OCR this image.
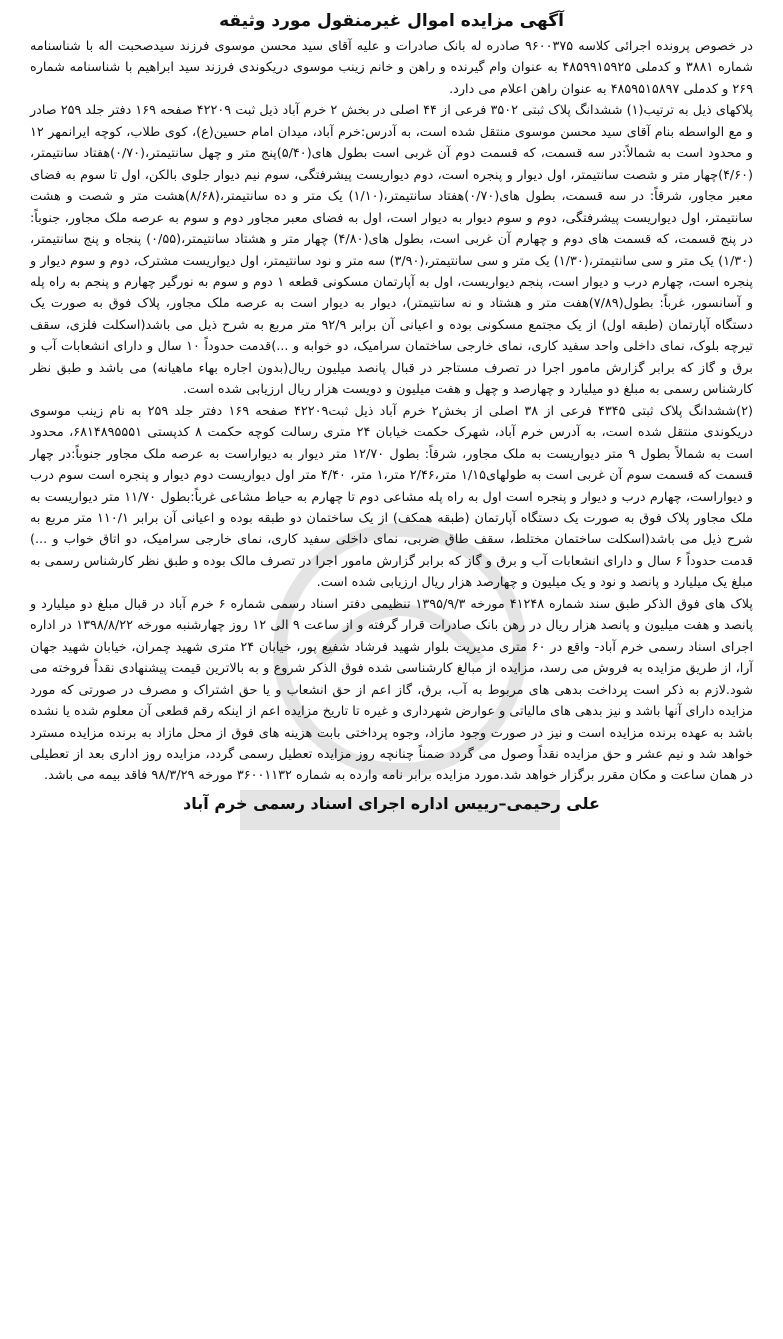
آگهی مزایده اموال غیرمنقول مورد وثیقه

در خصوص پرونده اجرائی کلاسه ۹۶۰۰۳۷۵ صادره له بانک صادرات و علیه آقای سید محسن موسوی فرزند سیدصحبت اله با شناسنامه شماره ۳۸۸۱ و کدملی ۴۸۵۹۹۱۵۹۲۵ به عنوان وام گیرنده و راهن و خانم زینب موسوی دریکوندی فرزند سید ابراهیم با شناسنامه شماره ۲۶۹ و کدملی ۴۸۵۹۵۱۵۸۹۷ به عنوان راهن اعلام می دارد.

پلاکهای ذیل به ترتیب(۱) ششدانگ پلاک ثبتی ۳۵۰۲ فرعی از ۴۴ اصلی در بخش ۲ خرم آباد ذیل ثبت ۴۲۲۰۹ صفحه ۱۶۹ دفتر جلد ۲۵۹ صادر و مع الواسطه بنام آقای سید محسن موسوی منتقل شده است، به آدرس:خرم آباد، میدان امام حسین(ع)، کوی طلاب، کوچه ایرانمهر ۱۲ و محدود است به شمالاً:در سه قسمت، که قسمت دوم آن غربی است بطول های(۵/۴۰)پنج متر و چهل سانتیمتر،(۰/۷۰)هفتاد سانتیمتر،(۴/۶۰)چهار متر و شصت سانتیمتر، اول دیوار و پنجره است، دوم دیواریست پیشرفتگی، سوم نیم دیوار جلوی بالکن، اول تا سوم به فضای معبر مجاور، شرقاً: در سه قسمت، بطول های(۰/۷۰)هفتاد سانتیمتر،(۱/۱۰) یک متر و ده سانتیمتر،(۸/۶۸)هشت متر و شصت و هشت سانتیمتر، اول دیواریست پیشرفتگی، دوم و سوم دیوار به دیوار است، اول به فضای معبر مجاور دوم و سوم به عرصه ملک مجاور، جنوباً: در پنج قسمت، که قسمت های دوم و چهارم آن غربی است، بطول های(۴/۸۰) چهار متر و هشتاد سانتیمتر،(۰/۵۵) پنجاه و پنج سانتیمتر،(۱/۳۰) یک متر و سی سانتیمتر،(۱/۳۰) یک متر و سی سانتیمتر،(۳/۹۰) سه متر و نود سانتیمتر، اول دیواریست مشترک، دوم و سوم دیوار و پنجره است، چهارم درب و دیوار است، پنجم دیواریست، اول به آپارتمان مسکونی قطعه ۱ دوم و سوم به نورگیر چهارم و پنجم به راه پله و آسانسور، غرباً: بطول(۷/۸۹)هفت متر و هشتاد و نه سانتیمتر)، دیوار به دیوار است به عرصه ملک مجاور، پلاک فوق به صورت یک دستگاه آپارتمان (طبقه اول) از یک مجتمع مسکونی بوده و اعیانی آن برابر ۹۲/۹ متر مربع به شرح ذیل می باشد(اسکلت فلزی، سقف تیرچه بلوک، نمای داخلی واحد سفید کاری، نمای خارجی ساختمان سرامیک، دو خوابه و ...)قدمت حدوداً ۱۰ سال و دارای انشعابات آب و برق و گاز که برابر گزارش مامور اجرا در تصرف مستاجر در قبال پانصد میلیون ریال(بدون اجاره بهاء ماهیانه) می باشد و طبق نظر کارشناس رسمی به مبلغ دو میلیارد و چهارصد و چهل و هفت میلیون و دویست هزار ریال ارزیابی شده است.

(۲)ششدانگ پلاک ثبتی ۴۳۴۵ فرعی از ۳۸ اصلی از بخش۲ خرم آباد ذیل ثبت۴۲۲۰۹ صفحه ۱۶۹ دفتر جلد ۲۵۹ به نام زینب موسوی دریکوندی منتقل شده است، به آدرس خرم آباد، شهرک حکمت خیابان ۲۴ متری رسالت کوچه حکمت ۸ کدپستی ۶۸۱۴۸۹۵۵۵۱، محدود است به شمالاً بطول ۹ متر دیواریست به ملک مجاور، شرقاً: بطول ۱۲/۷۰ متر دیوار به دیواراست به عرصه ملک مجاور جنوباً:در چهار قسمت که قسمت سوم آن غربی است به طولهای۱/۱۵ متر،۲/۴۶ متر،۱ متر، ۴/۴۰ متر اول دیواریست دوم دیوار و پنجره است سوم درب و دیواراست، چهارم درب و دیوار و پنجره است اول به راه پله مشاعی دوم تا چهارم به حیاط مشاعی غرباً:بطول ۱۱/۷۰ متر دیواریست به ملک مجاور پلاک فوق به صورت یک دستگاه آپارتمان (طبقه همکف) از یک ساختمان دو طبقه بوده و اعیانی آن برابر ۱۱۰/۱ متر مربع به شرح ذیل می باشد(اسکلت ساختمان مختلط، سقف طاق ضربی، نمای داخلی سفید کاری، نمای خارجی سرامیک، دو اتاق خواب و ...) قدمت حدوداً ۶ سال و دارای انشعابات آب و برق و گاز که برابر گزارش مامور اجرا در تصرف مالک بوده و طبق نظر کارشناس رسمی به مبلغ یک میلیارد و پانصد و نود و یک میلیون و چهارصد هزار ریال ارزیابی شده است.

پلاک های فوق الذکر طبق سند شماره ۴۱۲۴۸ مورخه ۱۳۹۵/۹/۳ تنظیمی دفتر اسناد رسمی شماره ۶ خرم آباد در قبال مبلغ دو میلیارد و پانصد و هفت میلیون و پانصد هزار ریال در رهن بانک صادرات قرار گرفته و از ساعت ۹ الی ۱۲ روز چهارشنبه مورخه ۱۳۹۸/۸/۲۲ در اداره اجرای اسناد رسمی خرم آباد- واقع در ۶۰ متری مدیریت بلوار شهید فرشاد شفیع پور، خیابان ۲۴ متری شهید چمران، خیابان شهید جهان آرا، از طریق مزایده به فروش می رسد، مزایده از مبالغ کارشناسی شده فوق الذکر شروع و به بالاترین قیمت پیشنهادی نقداً فروخته می شود.لازم به ذکر است پرداخت بدهی های مربوط به آب، برق، گاز اعم از حق انشعاب و یا حق اشتراک و مصرف در صورتی که مورد مزایده دارای آنها باشد و نیز بدهی های مالیاتی و عوارض شهرداری و غیره تا تاریخ مزایده اعم از اینکه رقم قطعی آن معلوم شده یا نشده باشد به عهده برنده مزایده است و نیز در صورت وجود مازاد، وجوه پرداختی بابت هزینه های فوق از محل مازاد به برنده مزایده مسترد خواهد شد و نیم عشر و حق مزایده نقداً وصول می گردد ضمناً چنانچه روز مزایده تعطیل رسمی گردد، مزایده روز اداری بعد از تعطیلی در همان ساعت و مکان مقرر برگزار خواهد شد.مورد مزایده برابر نامه وارده به شماره ۳۶۰۰۱۱۳۲ مورخه ۹۸/۳/۲۹ فاقد بیمه می باشد.

علی رحیمی–رییس اداره اجرای اسناد رسمی خرم آباد
